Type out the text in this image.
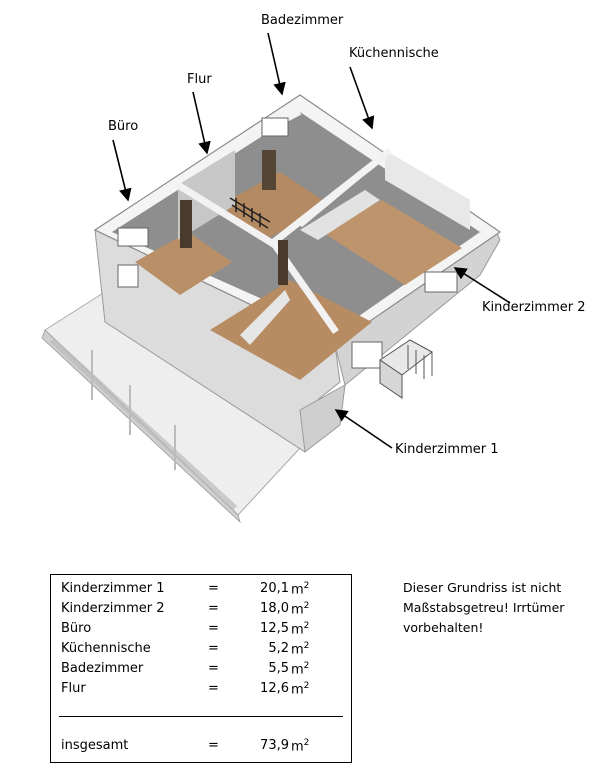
Badezimmer
Küchennische
Flur
Büro
Kinderzimmer 2
Kinderzimmer 1
Kinderzimmer 1	=	20,1 $m^2$
Kinderzimmer 2	=	18,0 $m^2$
Büro	=	12,5 $m^2$
Küchennische	=	5,2 $m^2$
Badezimmer	=	5,5 $m^2$
Flur	=	12,6 $m^2$
insgesamt	=	73,9 $m^2$
Dieser Grundriss ist nicht Maßstabsgetreu! Irrtümer vorbehalten!
